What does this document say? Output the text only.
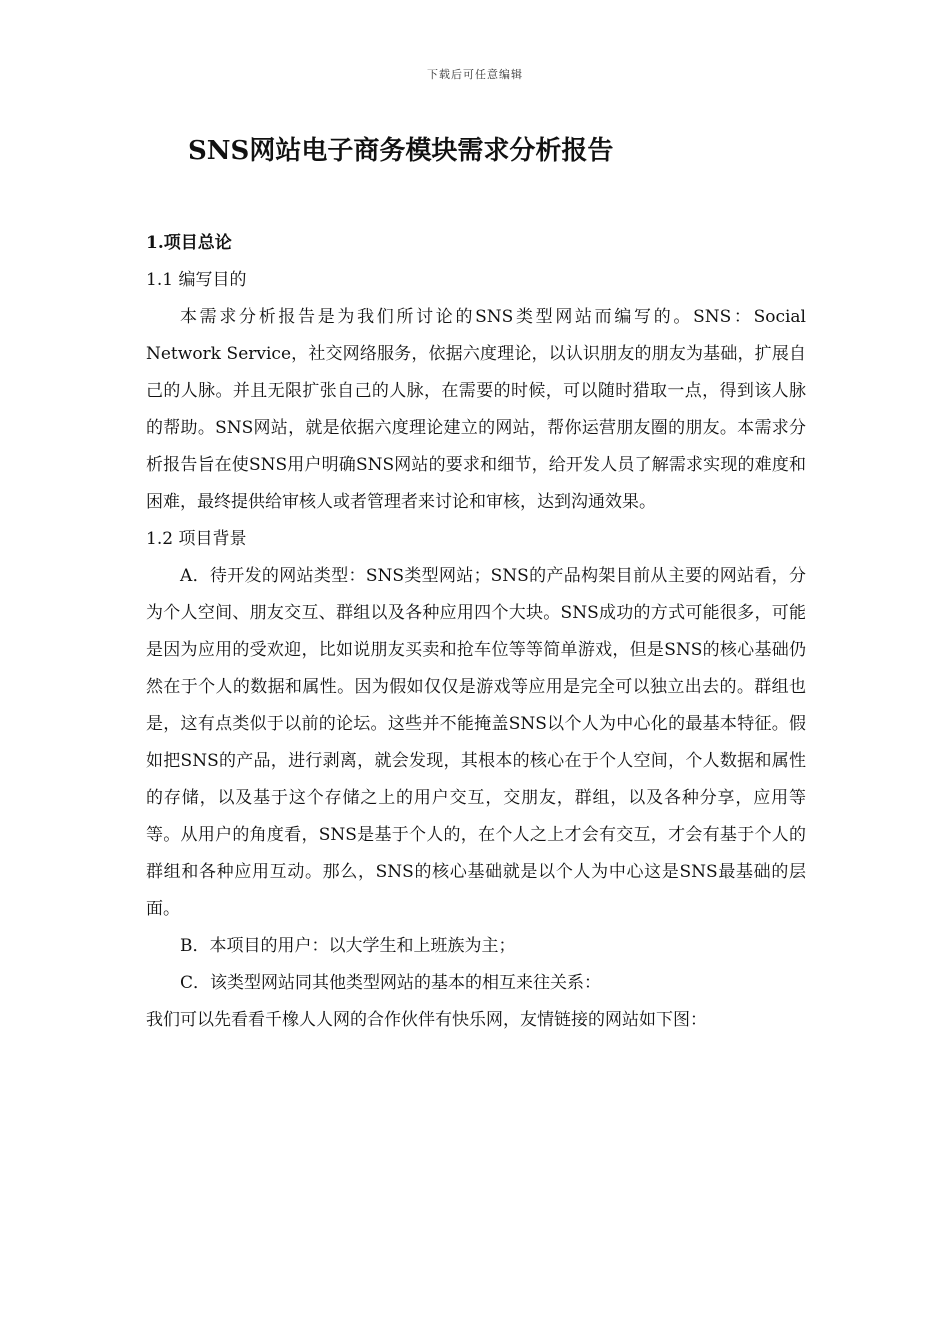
下载后可任意编辑
SNS网站电子商务模块需求分析报告
1.项目总论
1.1 编写目的
本需求分析报告是为我们所讨论的SNS类型网站而编写的。SNS：Social Network Service，社交网络服务，依据六度理论，以认识朋友的朋友为基础，扩展自己的人脉。并且无限扩张自己的人脉，在需要的时候，可以随时猎取一点，得到该人脉的帮助。SNS网站，就是依据六度理论建立的网站，帮你运营朋友圈的朋友。本需求分析报告旨在使SNS用户明确SNS网站的要求和细节，给开发人员了解需求实现的难度和困难，最终提供给审核人或者管理者来讨论和审核，达到沟通效果。
1.2 项目背景
A．待开发的网站类型：SNS类型网站；SNS的产品构架目前从主要的网站看，分为个人空间、朋友交互、群组以及各种应用四个大块。SNS成功的方式可能很多，可能是因为应用的受欢迎，比如说朋友买卖和抢车位等等简单游戏，但是SNS的核心基础仍然在于个人的数据和属性。因为假如仅仅是游戏等应用是完全可以独立出去的。群组也是，这有点类似于以前的论坛。这些并不能掩盖SNS以个人为中心化的最基本特征。假如把SNS的产品，进行剥离，就会发现，其根本的核心在于个人空间，个人数据和属性的存储，以及基于这个存储之上的用户交互，交朋友，群组，以及各种分享，应用等等。从用户的角度看，SNS是基于个人的，在个人之上才会有交互，才会有基于个人的群组和各种应用互动。那么，SNS的核心基础就是以个人为中心这是SNS最基础的层面。
B．本项目的用户：以大学生和上班族为主；
C．该类型网站同其他类型网站的基本的相互来往关系：
我们可以先看看千橡人人网的合作伙伴有快乐网，友情链接的网站如下图：
